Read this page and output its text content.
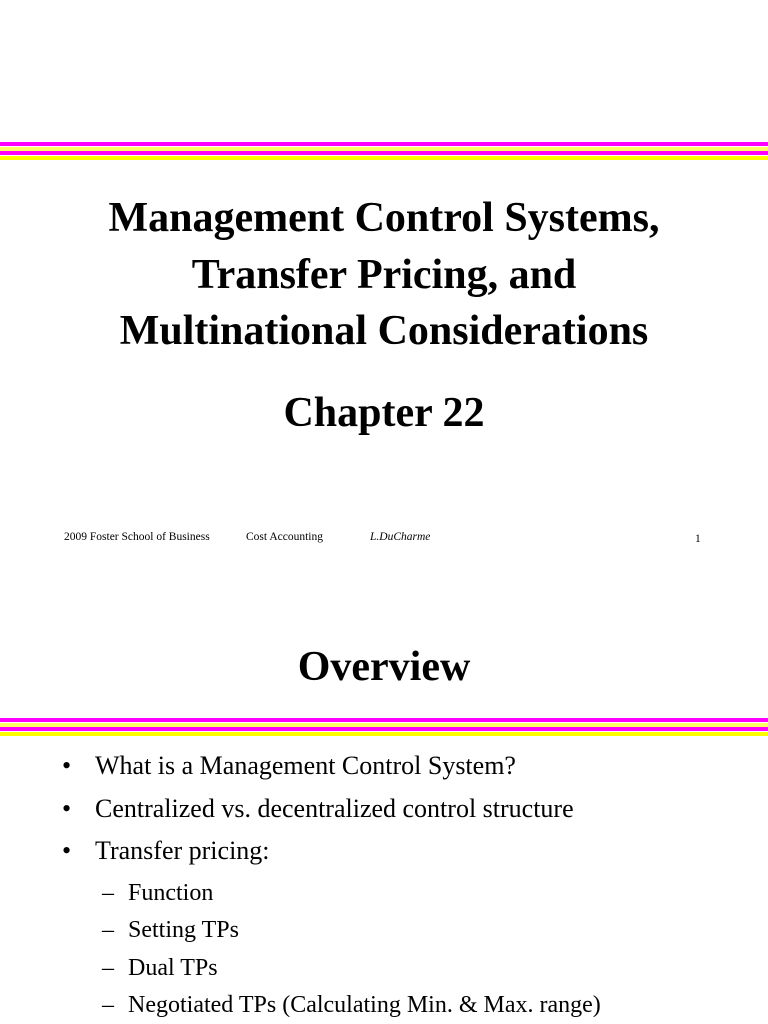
Management Control Systems,
Transfer Pricing, and
Multinational Considerations
Chapter 22
2009 Foster School of Business	Cost Accounting	L.DuCharme	1
Overview
• What is a Management Control System?
• Centralized vs. decentralized control structure
• Transfer pricing:
– Function
– Setting TPs
– Dual TPs
– Negotiated TPs (Calculating Min. & Max. range)
